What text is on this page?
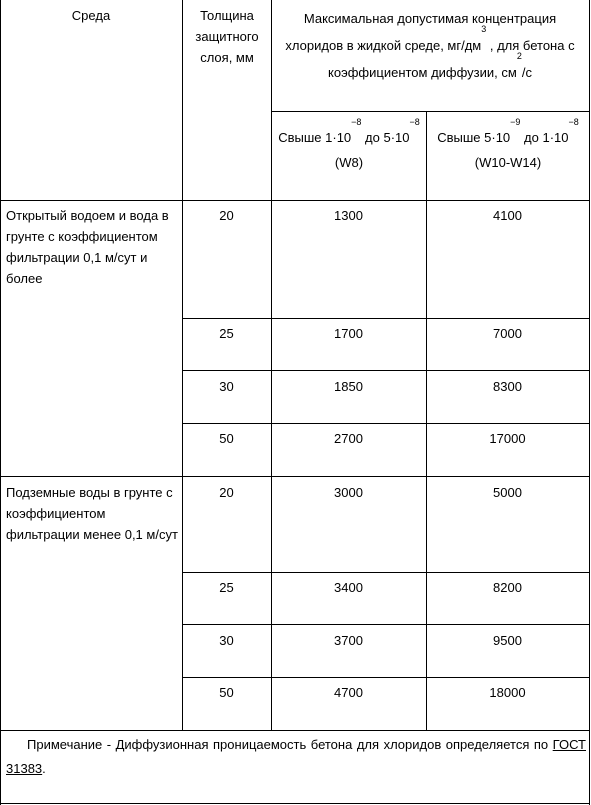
Среда	Толщина защитного слоя, мм
Максимальная допустимая концентрация хлоридов в жидкой среде, $мг/дм^3$ , для бетона с коэффициентом диффузии, $см^2/с$
Свыше $1\cdot 10^{-8}$ до $5\cdot 10^{-8}$ (W8)
Свыше $5\cdot 10^{-9}$ до $1\cdot 10^{-8}$ (W10-W14)
Открытый водоем и вода в грунте с коэффициентом фильтрации 0,1 м/сут и более
20	1300	4100
25	1700	7000
30	1850	8300
50	2700	17000
Подземные воды в грунте с коэффициентом фильтрации менее 0,1 м/сут
20	3000	5000
25	3400	8200
30	3700	9500
50	4700	18000
Примечание - Диффузионная проницаемость бетона для хлоридов определяется по ГОСТ 31383.
